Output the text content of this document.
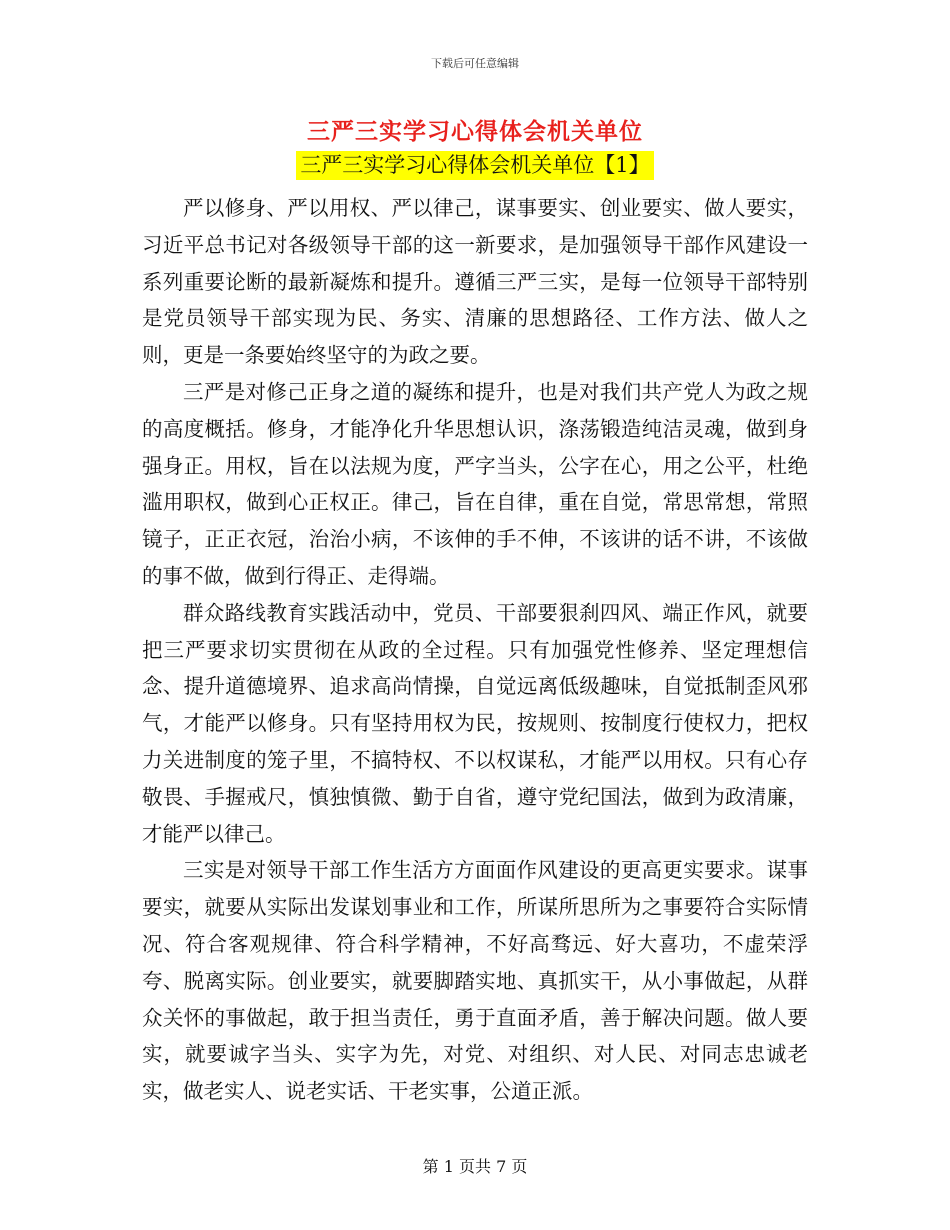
下载后可任意编辑
三严三实学习心得体会机关单位
三严三实学习心得体会机关单位【1】

严以修身、严以用权、严以律己，谋事要实、创业要实、做人要实，习近平总书记对各级领导干部的这一新要求，是加强领导干部作风建设一系列重要论断的最新凝炼和提升。遵循三严三实，是每一位领导干部特别是党员领导干部实现为民、务实、清廉的思想路径、工作方法、做人之则，更是一条要始终坚守的为政之要。

三严是对修己正身之道的凝练和提升，也是对我们共产党人为政之规的高度概括。修身，才能净化升华思想认识，涤荡锻造纯洁灵魂，做到身强身正。用权，旨在以法规为度，严字当头，公字在心，用之公平，杜绝滥用职权，做到心正权正。律己，旨在自律，重在自觉，常思常想，常照镜子，正正衣冠，治治小病，不该伸的手不伸，不该讲的话不讲，不该做的事不做，做到行得正、走得端。

群众路线教育实践活动中，党员、干部要狠刹四风、端正作风，就要把三严要求切实贯彻在从政的全过程。只有加强党性修养、坚定理想信念、提升道德境界、追求高尚情操，自觉远离低级趣味，自觉抵制歪风邪气，才能严以修身。只有坚持用权为民，按规则、按制度行使权力，把权力关进制度的笼子里，不搞特权、不以权谋私，才能严以用权。只有心存敬畏、手握戒尺，慎独慎微、勤于自省，遵守党纪国法，做到为政清廉，才能严以律己。

三实是对领导干部工作生活方方面面作风建设的更高更实要求。谋事要实，就要从实际出发谋划事业和工作，所谋所思所为之事要符合实际情况、符合客观规律、符合科学精神，不好高骛远、好大喜功，不虚荣浮夸、脱离实际。创业要实，就要脚踏实地、真抓实干，从小事做起，从群众关怀的事做起，敢于担当责任，勇于直面矛盾，善于解决问题。做人要实，就要诚字当头、实字为先，对党、对组织、对人民、对同志忠诚老实，做老实人、说老实话、干老实事，公道正派。

第 1 页共 7 页
